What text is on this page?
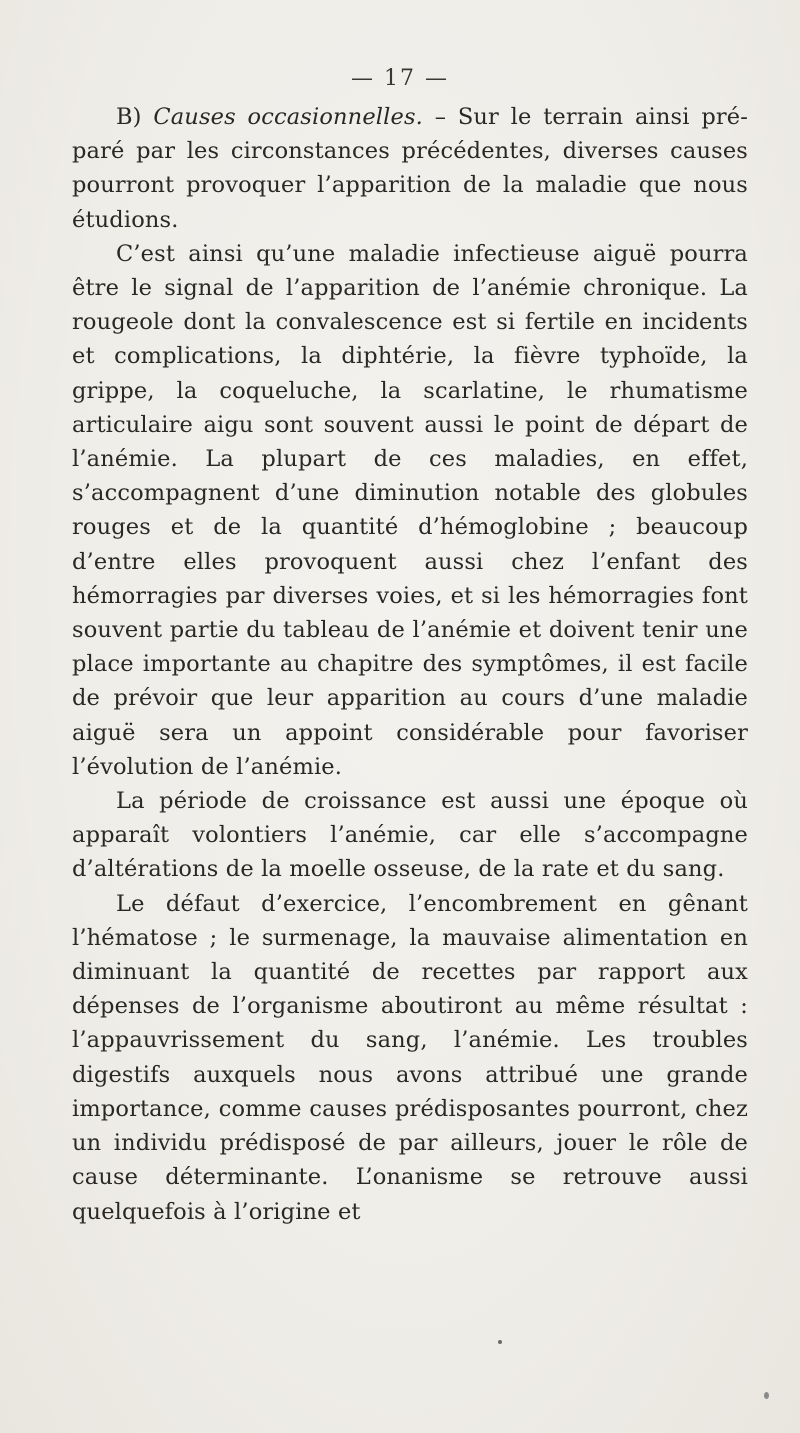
— 17 —

B) Causes occasionnelles. – Sur le terrain ainsi pré-paré par les circonstances précédentes, diverses causes pourront provoquer l’apparition de la maladie que nous étudions.

C’est ainsi qu’une maladie infectieuse aiguë pourra être le signal de l’apparition de l’anémie chronique. La rougeole dont la convalescence est si fertile en incidents et complications, la diphtérie, la fièvre typhoïde, la grippe, la coqueluche, la scarlatine, le rhumatisme articulaire aigu sont souvent aussi le point de départ de l’anémie. La plupart de ces maladies, en effet, s’accompagnent d’une diminution notable des globules rouges et de la quantité d’hémoglobine ; beaucoup d’entre elles provoquent aussi chez l’enfant des hémorragies par diverses voies, et si les hémorragies font souvent partie du tableau de l’anémie et doivent tenir une place importante au chapitre des symptômes, il est facile de prévoir que leur apparition au cours d’une maladie aiguë sera un appoint considérable pour favoriser l’évolution de l’anémie.

La période de croissance est aussi une époque où apparaît volontiers l’anémie, car elle s’accompagne d’altérations de la moelle osseuse, de la rate et du sang.

Le défaut d’exercice, l’encombrement en gênant l’hématose ; le surmenage, la mauvaise alimentation en diminuant la quantité de recettes par rapport aux dépenses de l’organisme aboutiront au même résultat : l’appauvrissement du sang, l’anémie. Les troubles digestifs auxquels nous avons attribué une grande importance, comme causes prédisposantes pourront, chez un individu prédisposé de par ailleurs, jouer le rôle de cause déterminante. L’onanisme se retrouve aussi quelquefois à l’origine et
